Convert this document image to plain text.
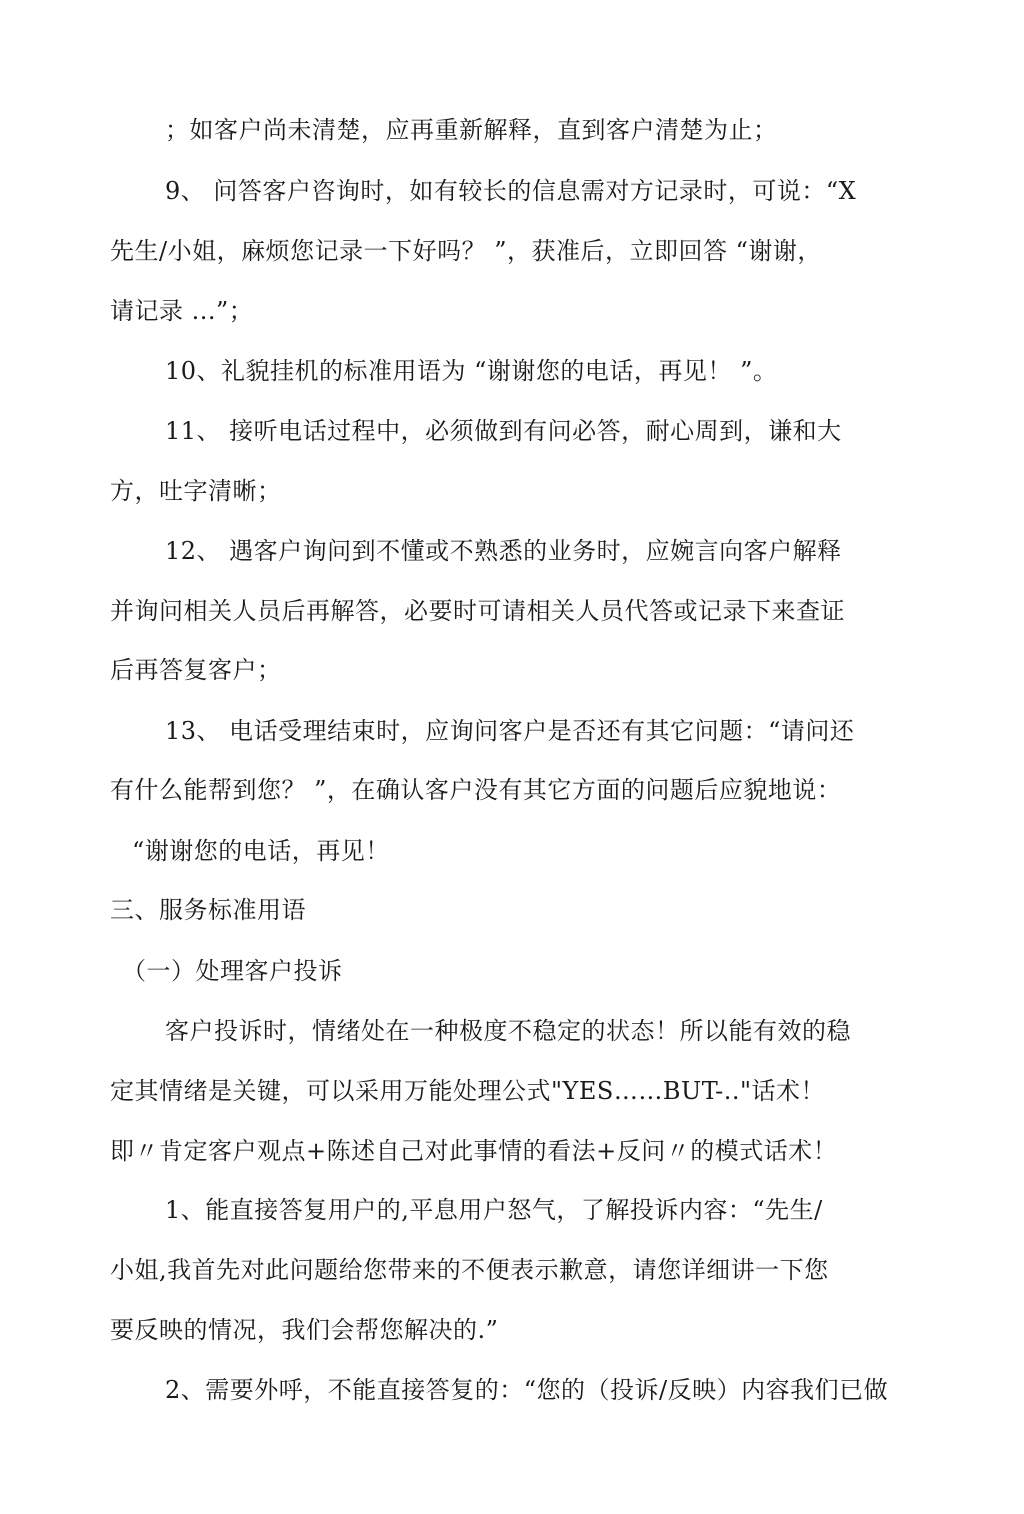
；如客户尚未清楚，应再重新解释，直到客户清楚为止；
9、 问答客户咨询时，如有较长的信息需对方记录时，可说：“X
先生/小姐，麻烦您记录一下好吗？ ”，获准后，立即回答 “谢谢，
请记录 ...”；
10、礼貌挂机的标准用语为 “谢谢您的电话，再见！ ”。
11、 接听电话过程中，必须做到有问必答，耐心周到，谦和大
方，吐字清晰；
12、 遇客户询问到不懂或不熟悉的业务时，应婉言向客户解释
并询问相关人员后再解答，必要时可请相关人员代答或记录下来查证
后再答复客户；
13、 电话受理结束时，应询问客户是否还有其它问题：“请问还
有什么能帮到您？ ”，在确认客户没有其它方面的问题后应貌地说：
“谢谢您的电话，再见！
三、服务标准用语
（一）处理客户投诉
客户投诉时，情绪处在一种极度不稳定的状态！所以能有效的稳
定其情绪是关键，可以采用万能处理公式"YES……BUT-.."话术！
即〃肯定客户观点+陈述自己对此事情的看法+反问〃的模式话术！
1、能直接答复用户的,平息用户怒气，了解投诉内容：“先生/
小姐,我首先对此问题给您带来的不便表示歉意，请您详细讲一下您
要反映的情况，我们会帮您解决的.”
2、需要外呼，不能直接答复的：“您的（投诉/反映）内容我们已做
